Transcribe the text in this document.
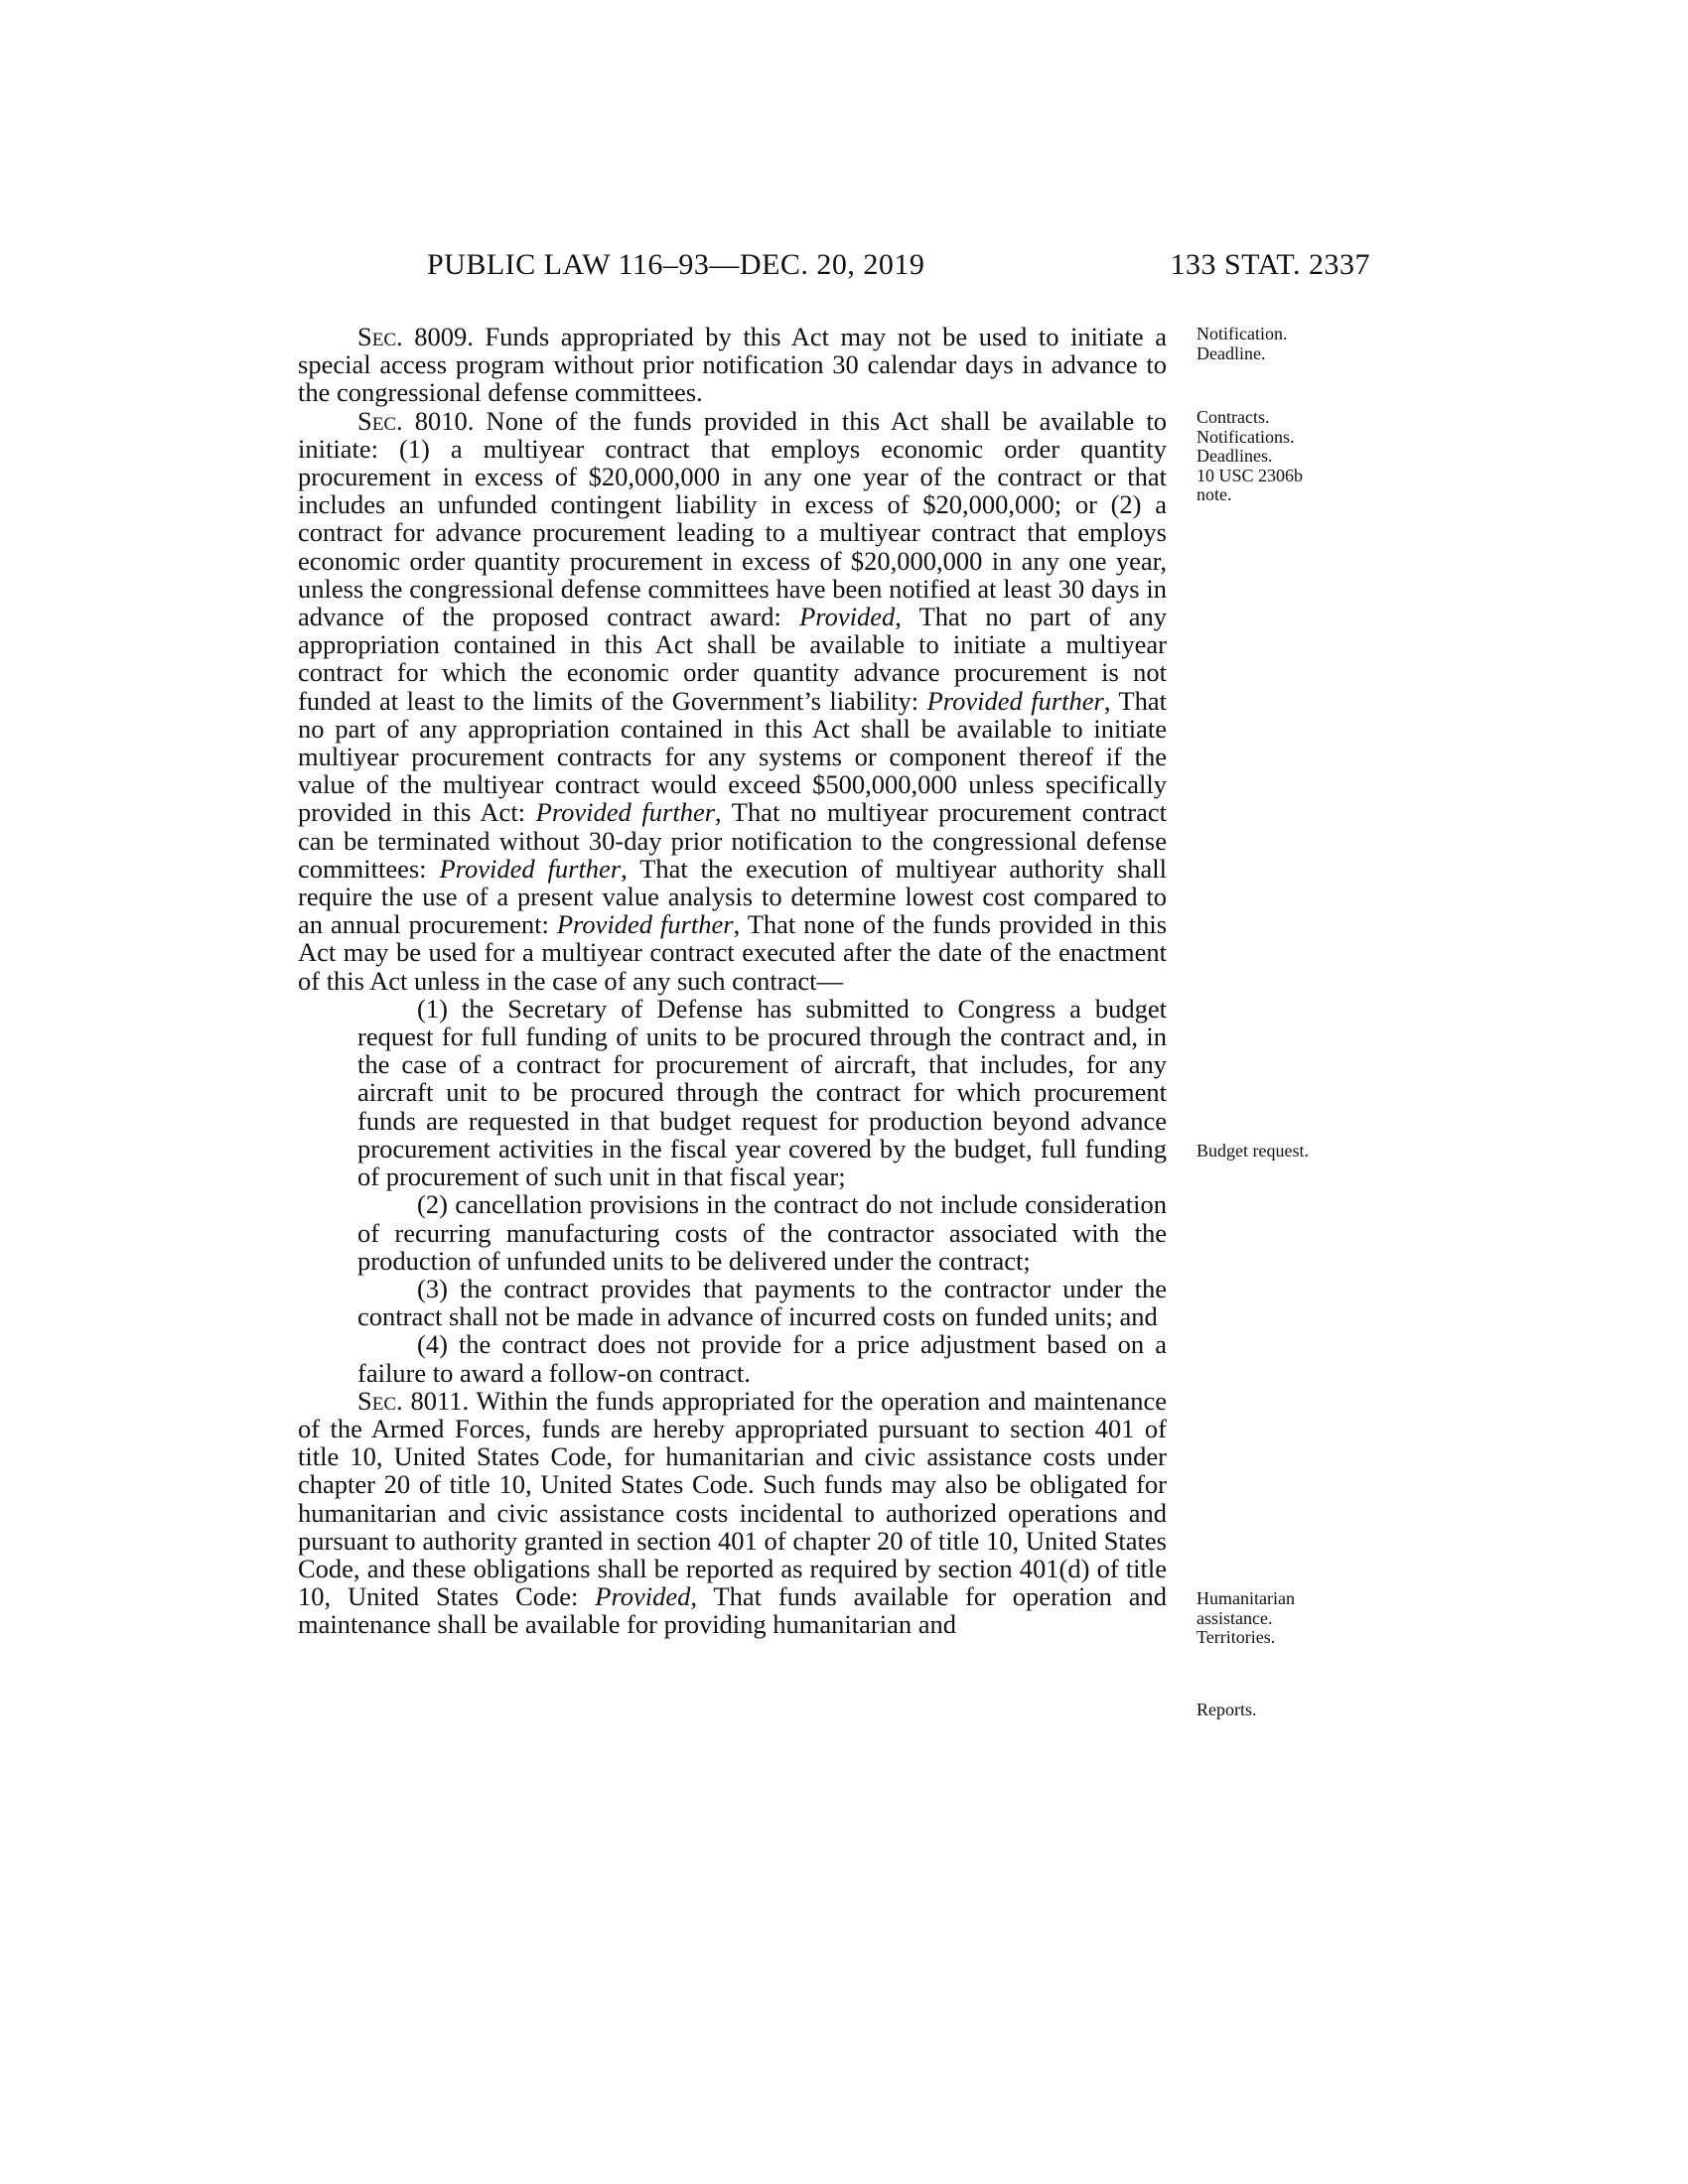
PUBLIC LAW 116–93—DEC. 20, 2019	133 STAT. 2337

Sec. 8009. Funds appropriated by this Act may not be used to initiate a special access program without prior notification 30 calendar days in advance to the congressional defense committees.

Sec. 8010. None of the funds provided in this Act shall be available to initiate: (1) a multiyear contract that employs economic order quantity procurement in excess of $20,000,000 in any one year of the contract or that includes an unfunded contingent liability in excess of $20,000,000; or (2) a contract for advance procurement leading to a multiyear contract that employs economic order quantity procurement in excess of $20,000,000 in any one year, unless the congressional defense committees have been notified at least 30 days in advance of the proposed contract award: Provided, That no part of any appropriation contained in this Act shall be available to initiate a multiyear contract for which the economic order quantity advance procurement is not funded at least to the limits of the Government’s liability: Provided further, That no part of any appropriation contained in this Act shall be available to initiate multiyear procurement contracts for any systems or component thereof if the value of the multiyear contract would exceed $500,000,000 unless specifically provided in this Act: Provided further, That no multiyear procurement contract can be terminated without 30-day prior notification to the congressional defense committees: Provided further, That the execution of multiyear authority shall require the use of a present value analysis to determine lowest cost compared to an annual procurement: Provided further, That none of the funds provided in this Act may be used for a multiyear contract executed after the date of the enactment of this Act unless in the case of any such contract—

(1) the Secretary of Defense has submitted to Congress a budget request for full funding of units to be procured through the contract and, in the case of a contract for procurement of aircraft, that includes, for any aircraft unit to be procured through the contract for which procurement funds are requested in that budget request for production beyond advance procurement activities in the fiscal year covered by the budget, full funding of procurement of such unit in that fiscal year;

(2) cancellation provisions in the contract do not include consideration of recurring manufacturing costs of the contractor associated with the production of unfunded units to be delivered under the contract;

(3) the contract provides that payments to the contractor under the contract shall not be made in advance of incurred costs on funded units; and

(4) the contract does not provide for a price adjustment based on a failure to award a follow-on contract.

Sec. 8011. Within the funds appropriated for the operation and maintenance of the Armed Forces, funds are hereby appropriated pursuant to section 401 of title 10, United States Code, for humanitarian and civic assistance costs under chapter 20 of title 10, United States Code. Such funds may also be obligated for humanitarian and civic assistance costs incidental to authorized operations and pursuant to authority granted in section 401 of chapter 20 of title 10, United States Code, and these obligations shall be reported as required by section 401(d) of title 10, United States Code: Provided, That funds available for operation and maintenance shall be available for providing humanitarian and

Notification.
Deadline.
Contracts.
Notifications.
Deadlines.
10 USC 2306b
note.
Budget request.
Humanitarian
assistance.
Territories.
Reports.
